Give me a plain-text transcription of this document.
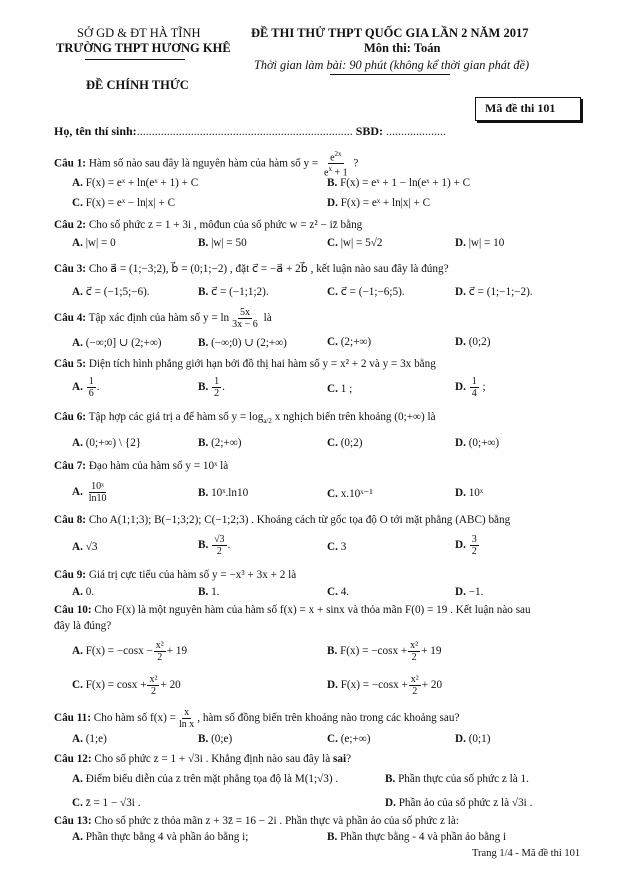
SỞ GD & ĐT HÀ TĨNH
TRƯỜNG THPT HƯƠNG KHÊ
ĐỀ CHÍNH THỨC
ĐỀ THI THỬ THPT QUỐC GIA LẦN 2 NĂM 2017
Môn thi: Toán
Thời gian làm bài: 90 phút (không kể thời gian phát đề)
Mã đề thi 101
Họ, tên thí sinh:........................................................................ SBD: ....................
Câu 1: Hàm số nào sau đây là nguyên hàm của hàm số $y = \frac{e^{2x}}{e^x + 1}$ ?
A. F(x) = eˣ + ln(eˣ + 1) + C	B. F(x) = eˣ + 1 − ln(eˣ + 1) + C
C. F(x) = eˣ − ln|x| + C	D. F(x) = eˣ + ln|x| + C
Câu 2: Cho số phức z = 1 + 3i , môđun của số phức w = z² − iz̄ bằng
A. |w| = 0	B. |w| = 50	C. |w| = 5√2	D. |w| = 10
Câu 3: Cho a⃗ = (1;−3;2), b⃗ = (0;1;−2) , đặt c⃗ = −a⃗ + 2b⃗ , kết luận nào sau đây là đúng?
A. c⃗ = (−1;5;−6).	B. c⃗ = (−1;1;2).	C. c⃗ = (−1;−6;5).	D. c⃗ = (1;−1;−2).
Câu 4: Tập xác định của hàm số $y = \ln \frac{5x}{3x - 6}$ là
A. (−∞;0] ∪ (2;+∞)	B. (−∞;0) ∪ (2;+∞)	C. (2;+∞)	D. (0;2)
Câu 5: Diện tích hình phẳng giới hạn bởi đồ thị hai hàm số y = x² + 2 và y = 3x bằng
A. $\frac{1}{6}$ .	B. $\frac{1}{2}$ .	C. 1 ;	D. $\frac{1}{4}$ ;
Câu 6: Tập hợp các giá trị a để hàm số $y = \log_{a/2} x$ nghịch biến trên khoảng (0;+∞) là
A. (0;+∞) \ {2}	B. (2;+∞)	C. (0;2)	D. (0;+∞)
Câu 7: Đạo hàm của hàm số y = 10ˣ là
A. $\frac{\text{10ˣ}}{\ln 10}$	B. 10ˣ.ln10	C. x.10ˣ⁻¹	D. 10ˣ
Câu 8: Cho A(1;1;3); B(−1;3;2); C(−1;2;3) . Khoảng cách từ gốc tọa độ O tới mặt phẳng (ABC) bằng
A. √3	B. $\frac{√3}{2}$ .	C. 3	D. $\frac{3}{2}$
Câu 9: Giá trị cực tiểu của hàm số y = −x³ + 3x + 2 là
A. 0.	B. 1.	C. 4.	D. −1.
Câu 10: Cho F(x) là một nguyên hàm của hàm số f(x) = x + sinx và thỏa mãn F(0) = 19 . Kết luận nào sau
đây là đúng?
A. $F(x) = -\cos x - \frac{\text{x²}}{2} + 19$	B. $F(x) = -\cos x + \frac{\text{x²}}{2} + 19$
C. $F(x) = \cos x + \frac{\text{x²}}{2} + 20$	D. $F(x) = -\cos x + \frac{\text{x²}}{2} + 20$
Câu 11: Cho hàm số $f(x) = \frac{x}{\text{ln x}}$ , hàm số đồng biến trên khoảng nào trong các khoảng sau?
A. (1;e)	B. (0;e)	C. (e;+∞)	D. (0;1)
Câu 12: Cho số phức z = 1 + √3i . Khẳng định nào sau đây là sai?
A. Điểm biểu diễn của z trên mặt phẳng tọa độ là M(1;√3) .	B. Phần thực của số phức z là 1.
C. z̄ = 1 − √3i .	D. Phần ảo của số phức z là √3i .
Câu 13: Cho số phức z thỏa mãn z + 3z̄ = 16 − 2i . Phần thực và phần ảo của số phức z là:
A. Phần thực bằng 4 và phần ảo bằng i;	B. Phần thực bằng - 4 và phần ảo bằng i
Trang 1/4 - Mã đề thi 101
